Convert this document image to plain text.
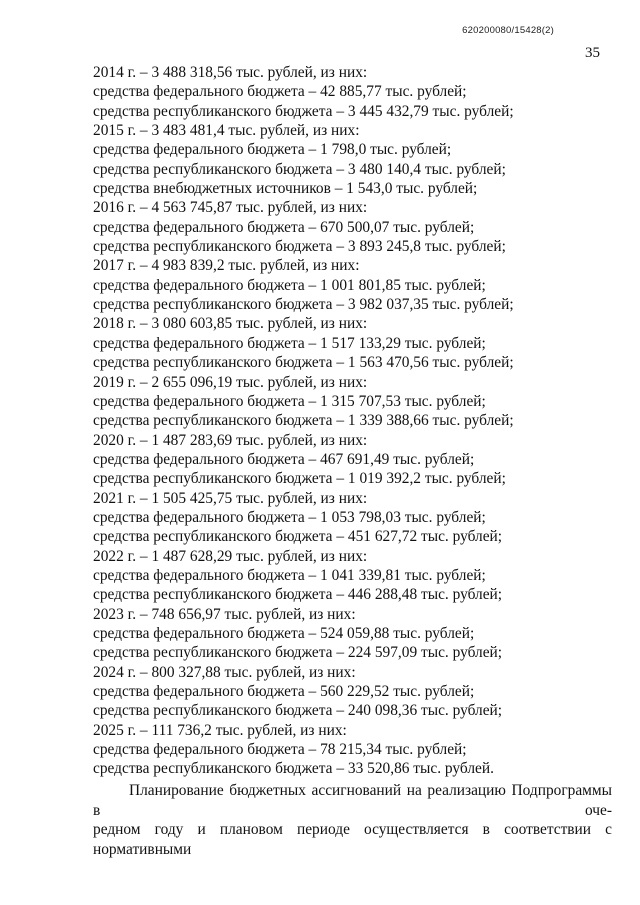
620200080/15428(2)
35
2014 г. – 3 488 318,56 тыс. рублей, из них:
средства федерального бюджета – 42 885,77 тыс. рублей;
средства республиканского бюджета – 3 445 432,79 тыс. рублей;
2015 г. – 3 483 481,4 тыс. рублей, из них:
средства федерального бюджета – 1 798,0 тыс. рублей;
средства республиканского бюджета – 3 480 140,4 тыс. рублей;
средства внебюджетных источников – 1 543,0 тыс. рублей;
2016 г. – 4 563 745,87 тыс. рублей, из них:
средства федерального бюджета – 670 500,07 тыс. рублей;
средства республиканского бюджета – 3 893 245,8 тыс. рублей;
2017 г. – 4 983 839,2 тыс. рублей, из них:
средства федерального бюджета – 1 001 801,85 тыс. рублей;
средства республиканского бюджета – 3 982 037,35 тыс. рублей;
2018 г. – 3 080 603,85 тыс. рублей, из них:
средства федерального бюджета – 1 517 133,29 тыс. рублей;
средства республиканского бюджета – 1 563 470,56 тыс. рублей;
2019 г. – 2 655 096,19 тыс. рублей, из них:
средства федерального бюджета – 1 315 707,53 тыс. рублей;
средства республиканского бюджета – 1 339 388,66 тыс. рублей;
2020 г. – 1 487 283,69 тыс. рублей, из них:
средства федерального бюджета – 467 691,49 тыс. рублей;
средства республиканского бюджета – 1 019 392,2 тыс. рублей;
2021 г. – 1 505 425,75 тыс. рублей, из них:
средства федерального бюджета – 1 053 798,03 тыс. рублей;
средства республиканского бюджета – 451 627,72 тыс. рублей;
2022 г. – 1 487 628,29 тыс. рублей, из них:
средства федерального бюджета – 1 041 339,81 тыс. рублей;
средства республиканского бюджета – 446 288,48 тыс. рублей;
2023 г. – 748 656,97 тыс. рублей, из них:
средства федерального бюджета – 524 059,88 тыс. рублей;
средства республиканского бюджета – 224 597,09 тыс. рублей;
2024 г. – 800 327,88 тыс. рублей, из них:
средства федерального бюджета – 560 229,52 тыс. рублей;
средства республиканского бюджета – 240 098,36 тыс. рублей;
2025 г. – 111 736,2 тыс. рублей, из них:
средства федерального бюджета – 78 215,34 тыс. рублей;
средства республиканского бюджета – 33 520,86 тыс. рублей.
Планирование бюджетных ассигнований на реализацию Подпрограммы в оче-
редном году и плановом периоде осуществляется в соответствии с нормативными
